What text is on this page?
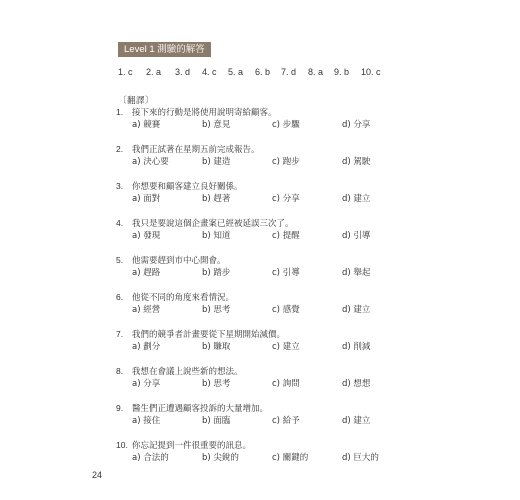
Level 1 測驗的解答
1. c 2. a 3. d 4. c 5. a 6. b 7. d 8. a 9. b 10. c
〔翻譯〕
1. 接下來的行動是將使用說明寄給顧客。
a) 競賽	b) 意見	c) 步驟	d) 分享
2. 我們正試著在星期五前完成報告。
a) 決心要	b) 建造	c) 跑步	d) 駕駛
3. 你想要和顧客建立良好關係。
a) 面對	b) 趕著	c) 分享	d) 建立
4. 我只是要說這個企畫案已經被延誤三次了。
a) 發現	b) 知道	c) 提醒	d) 引導
5. 他需要趕到市中心開會。
a) 趕路	b) 踏步	c) 引導	d) 舉起
6. 他從不同的角度來看情況。
a) 經營	b) 思考	c) 感覺	d) 建立
7. 我們的競爭者計畫要從下星期開始減價。
a) 劃分	b) 賺取	c) 建立	d) 削減
8. 我想在會議上說些新的想法。
a) 分享	b) 思考	c) 詢問	d) 想想
9. 醫生們正遭遇顧客投訴的大量增加。
a) 接住	b) 面臨	c) 給予	d) 建立
10. 你忘記提到一件很重要的訊息。
a) 合法的	b) 尖銳的	c) 關鍵的	d) 巨大的
24
